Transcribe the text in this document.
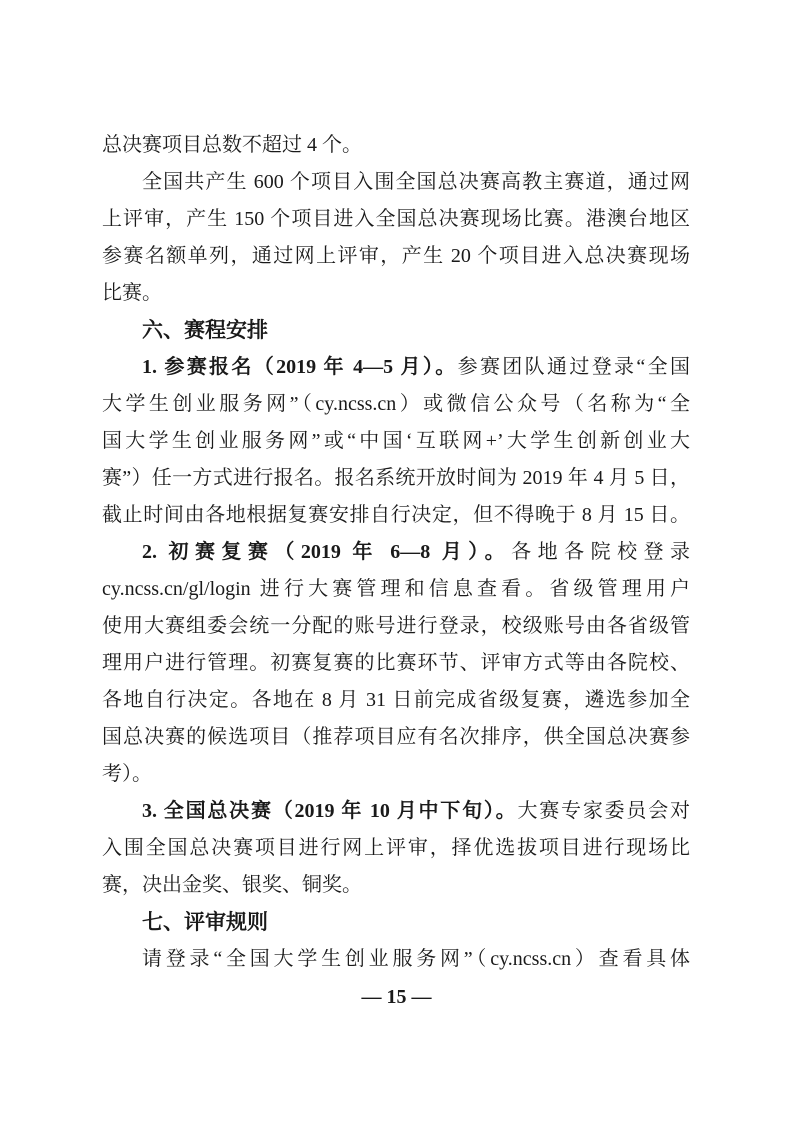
总决赛项目总数不超过 4 个。
全国共产生 600 个项目入围全国总决赛高教主赛道，通过网
上评审，产生 150 个项目进入全国总决赛现场比赛。港澳台地区
参赛名额单列，通过网上评审，产生 20 个项目进入总决赛现场
比赛。
六、赛程安排
1. 参赛报名（2019 年 4—5 月）。参赛团队通过登录“全国
大学生创业服务网”（cy.ncss.cn）或微信公众号（名称为“全
国大学生创业服务网”或“中国‘互联网+’大学生创新创业大
赛”）任一方式进行报名。报名系统开放时间为 2019 年 4 月 5 日，
截止时间由各地根据复赛安排自行决定，但不得晚于 8 月 15 日。
2. 初赛复赛（2019 年 6—8 月）。各地各院校登录
cy.ncss.cn/gl/login 进行大赛管理和信息查看。省级管理用户
使用大赛组委会统一分配的账号进行登录，校级账号由各省级管
理用户进行管理。初赛复赛的比赛环节、评审方式等由各院校、
各地自行决定。各地在 8 月 31 日前完成省级复赛，遴选参加全
国总决赛的候选项目（推荐项目应有名次排序，供全国总决赛参
考）。
3. 全国总决赛（2019 年 10 月中下旬）。大赛专家委员会对
入围全国总决赛项目进行网上评审，择优选拔项目进行现场比
赛，决出金奖、银奖、铜奖。
七、评审规则
请登录“全国大学生创业服务网”（cy.ncss.cn）查看具体
— 15 —
